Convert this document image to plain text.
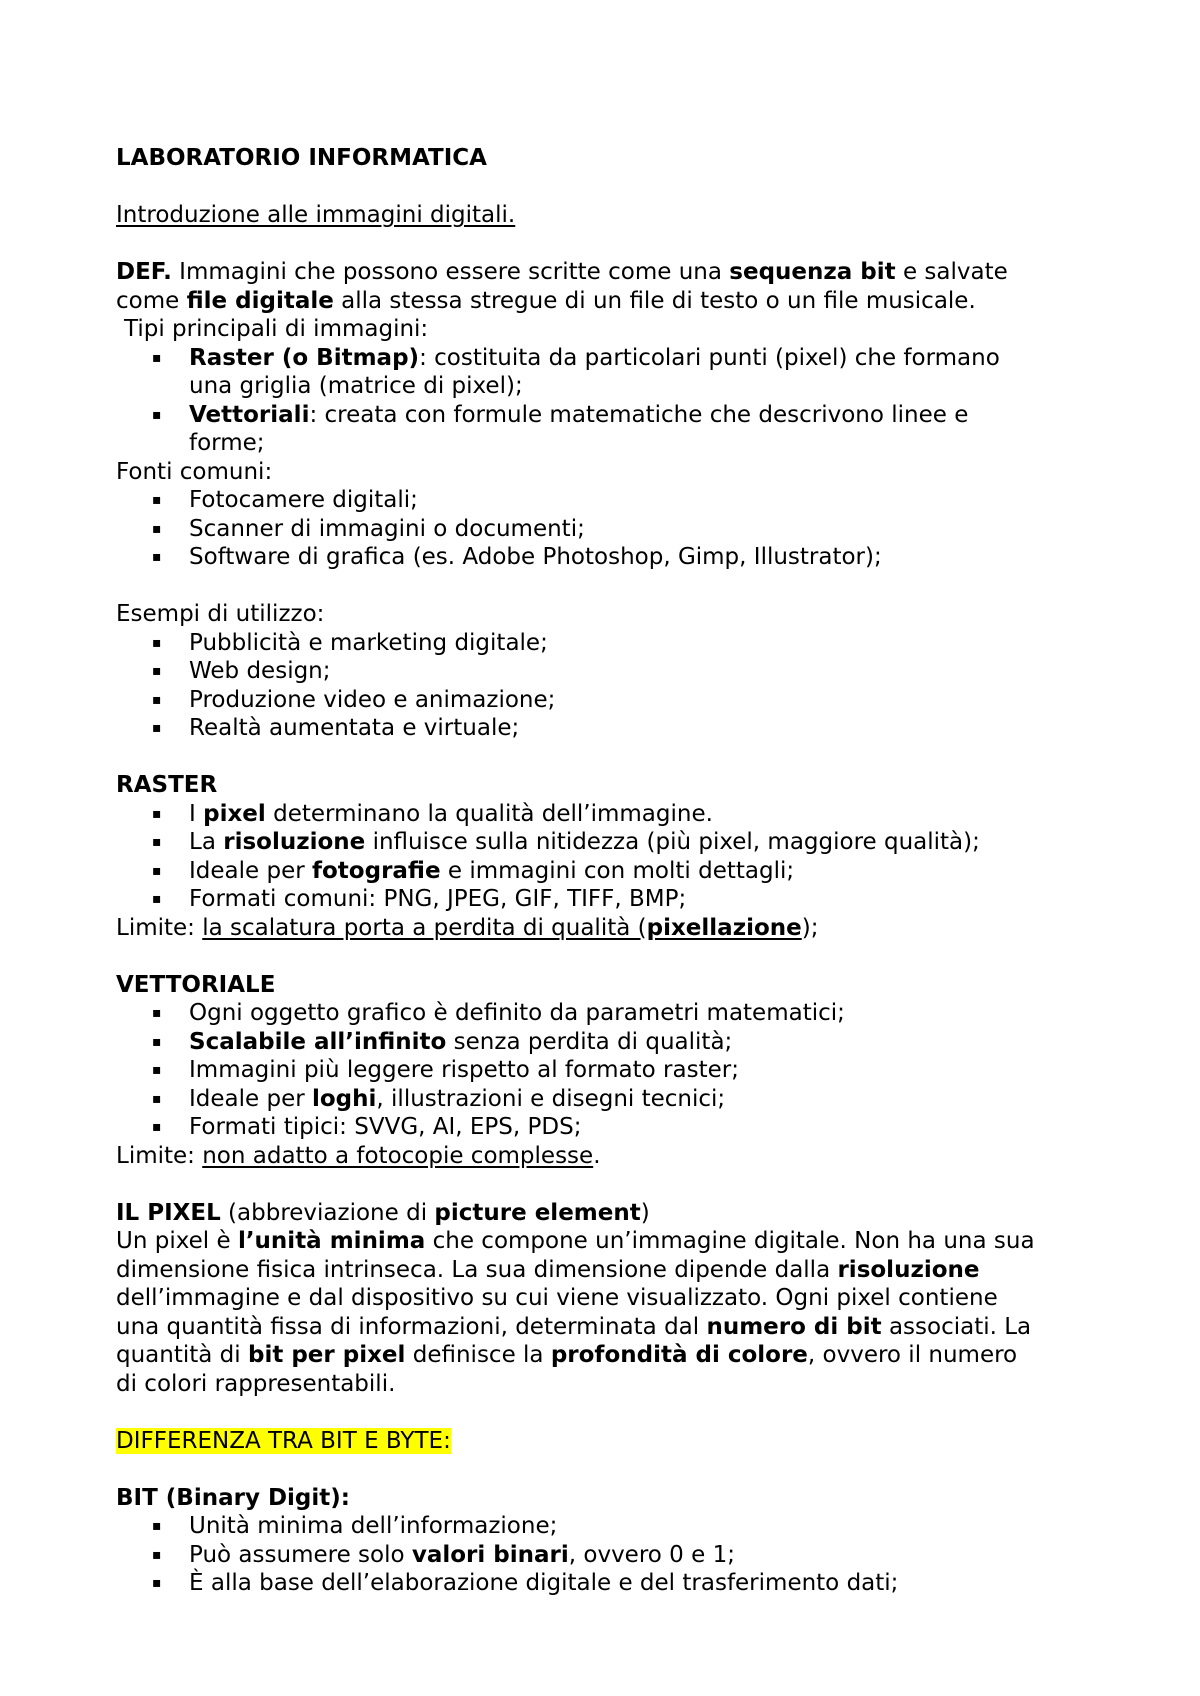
LABORATORIO INFORMATICA
Introduzione alle immagini digitali.
DEF. Immagini che possono essere scritte come una sequenza bit e salvate
come file digitale alla stessa stregue di un file di testo o un file musicale.
Tipi principali di immagini:
▪ Raster (o Bitmap): costituita da particolari punti (pixel) che formano
una griglia (matrice di pixel);
▪ Vettoriali: creata con formule matematiche che descrivono linee e
forme;
Fonti comuni:
▪ Fotocamere digitali;
▪ Scanner di immagini o documenti;
▪ Software di grafica (es. Adobe Photoshop, Gimp, Illustrator);
Esempi di utilizzo:
▪ Pubblicità e marketing digitale;
▪ Web design;
▪ Produzione video e animazione;
▪ Realtà aumentata e virtuale;
RASTER
▪ I pixel determinano la qualità dell’immagine.
▪ La risoluzione influisce sulla nitidezza (più pixel, maggiore qualità);
▪ Ideale per fotografie e immagini con molti dettagli;
▪ Formati comuni: PNG, JPEG, GIF, TIFF, BMP;
Limite: la scalatura porta a perdita di qualità (pixellazione);
VETTORIALE
▪ Ogni oggetto grafico è definito da parametri matematici;
▪ Scalabile all’infinito senza perdita di qualità;
▪ Immagini più leggere rispetto al formato raster;
▪ Ideale per loghi, illustrazioni e disegni tecnici;
▪ Formati tipici: SVVG, AI, EPS, PDS;
Limite: non adatto a fotocopie complesse.
IL PIXEL (abbreviazione di picture element)
Un pixel è l’unità minima che compone un’immagine digitale. Non ha una sua
dimensione fisica intrinseca. La sua dimensione dipende dalla risoluzione
dell’immagine e dal dispositivo su cui viene visualizzato. Ogni pixel contiene
una quantità fissa di informazioni, determinata dal numero di bit associati. La
quantità di bit per pixel definisce la profondità di colore, ovvero il numero
di colori rappresentabili.
DIFFERENZA TRA BIT E BYTE:
BIT (Binary Digit):
▪ Unità minima dell’informazione;
▪ Può assumere solo valori binari, ovvero 0 e 1;
▪ È alla base dell’elaborazione digitale e del trasferimento dati;
